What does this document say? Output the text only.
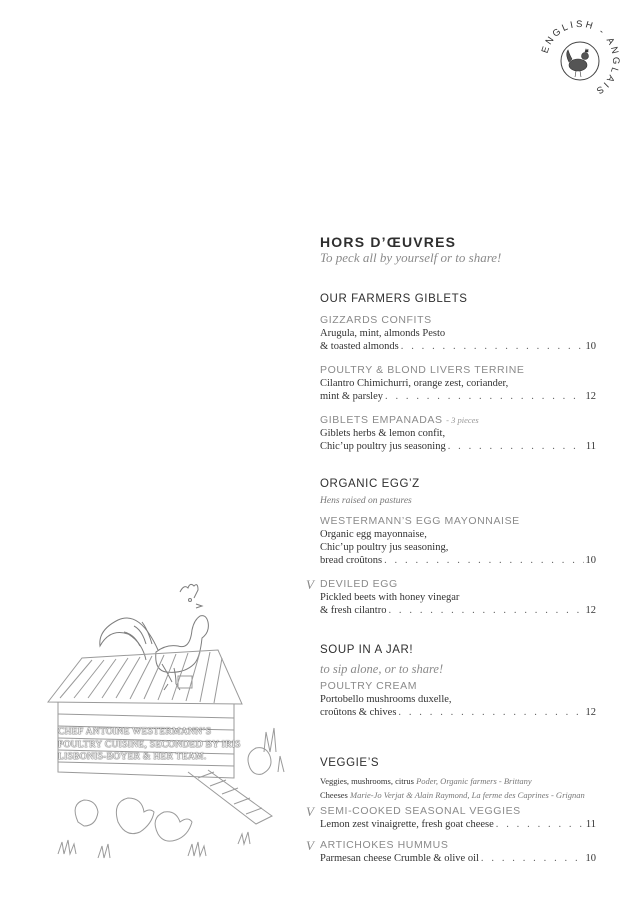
ENGLISH - ANGLAIS
CHEF ANTOINE WESTERMANN’S POULTRY CUISINE, SECONDED BY IRIS LISBONIS-BOYER & HER TEAM.
HORS D’ŒUVRES
To peck all by yourself or to share!
OUR FARMERS GIBLETS
GIZZARDS CONFITS
Arugula, mint, almonds Pesto
& toasted almonds . . .	10
POULTRY & BLOND LIVERS TERRINE
Cilantro Chimichurri, orange zest, coriander,
mint & parsley . . .	12
GIBLETS EMPANADAS - 3 pieces
Giblets herbs & lemon confit,
Chic’up poultry jus seasoning . . .	11
ORGANIC EGG’Z
Hens raised on pastures
WESTERMANN’S EGG MAYONNAISE
Organic egg mayonnaise,
Chic’up poultry jus seasoning,
bread croûtons . . .	10
V DEVILED EGG
Pickled beets with honey vinegar
& fresh cilantro . . .	12
SOUP IN A JAR!
to sip alone, or to share!
POULTRY CREAM
Portobello mushrooms duxelle,
croûtons & chives . . .	12
VEGGIE’S
Veggies, mushrooms, citrus Poder, Organic farmers - Brittany
Cheeses Marie-Jo Verjat & Alain Raymond, La ferme des Caprines - Grignan
V SEMI-COOKED SEASONAL VEGGIES
Lemon zest vinaigrette, fresh goat cheese . . .	11
V ARTICHOKES HUMMUS
Parmesan cheese Crumble & olive oil . . .	10
